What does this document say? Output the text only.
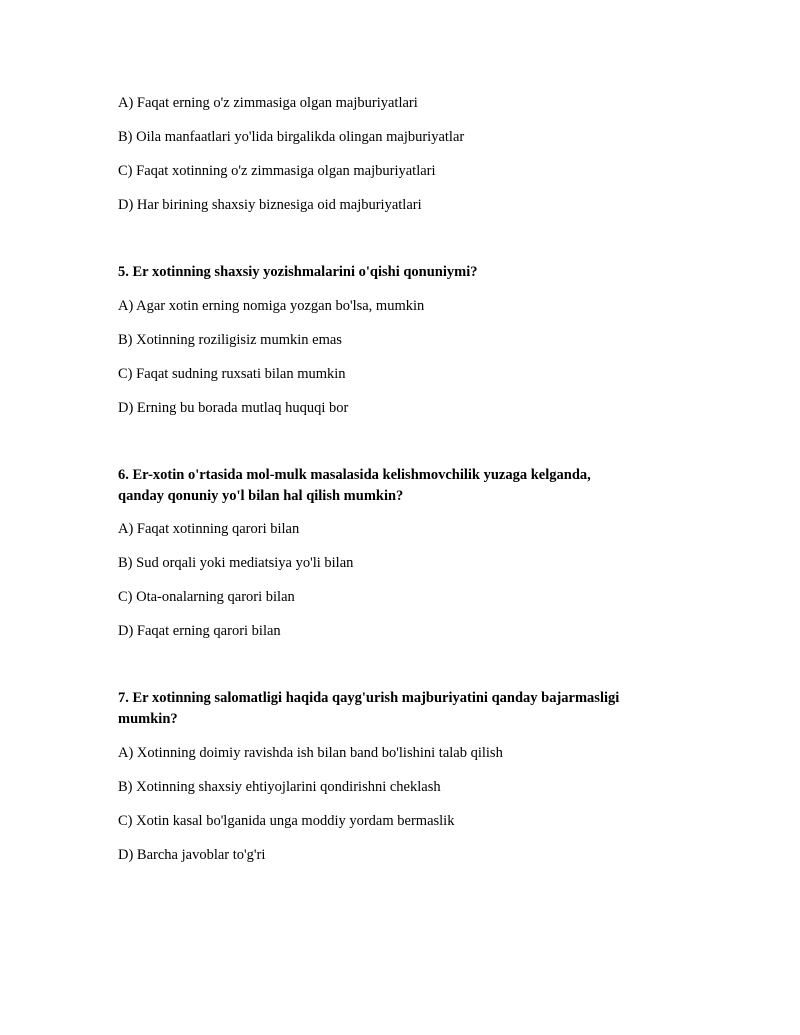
A) Faqat erning o'z zimmasiga olgan majburiyatlari
B) Oila manfaatlari yo'lida birgalikda olingan majburiyatlar
C) Faqat xotinning o'z zimmasiga olgan majburiyatlari
D) Har birining shaxsiy biznesiga oid majburiyatlari
5. Er xotinning shaxsiy yozishmalarini o'qishi qonuniymi?
A) Agar xotin erning nomiga yozgan bo'lsa, mumkin
B) Xotinning roziligisiz mumkin emas
C) Faqat sudning ruxsati bilan mumkin
D) Erning bu borada mutlaq huquqi bor
6. Er-xotin o'rtasida mol-mulk masalasida kelishmovchilik yuzaga kelganda,
qanday qonuniy yo'l bilan hal qilish mumkin?
A) Faqat xotinning qarori bilan
B) Sud orqali yoki mediatsiya yo'li bilan
C) Ota-onalarning qarori bilan
D) Faqat erning qarori bilan
7. Er xotinning salomatligi haqida qayg'urish majburiyatini qanday bajarmasligi
mumkin?
A) Xotinning doimiy ravishda ish bilan band bo'lishini talab qilish
B) Xotinning shaxsiy ehtiyojlarini qondirishni cheklash
C) Xotin kasal bo'lganida unga moddiy yordam bermaslik
D) Barcha javoblar to'g'ri
